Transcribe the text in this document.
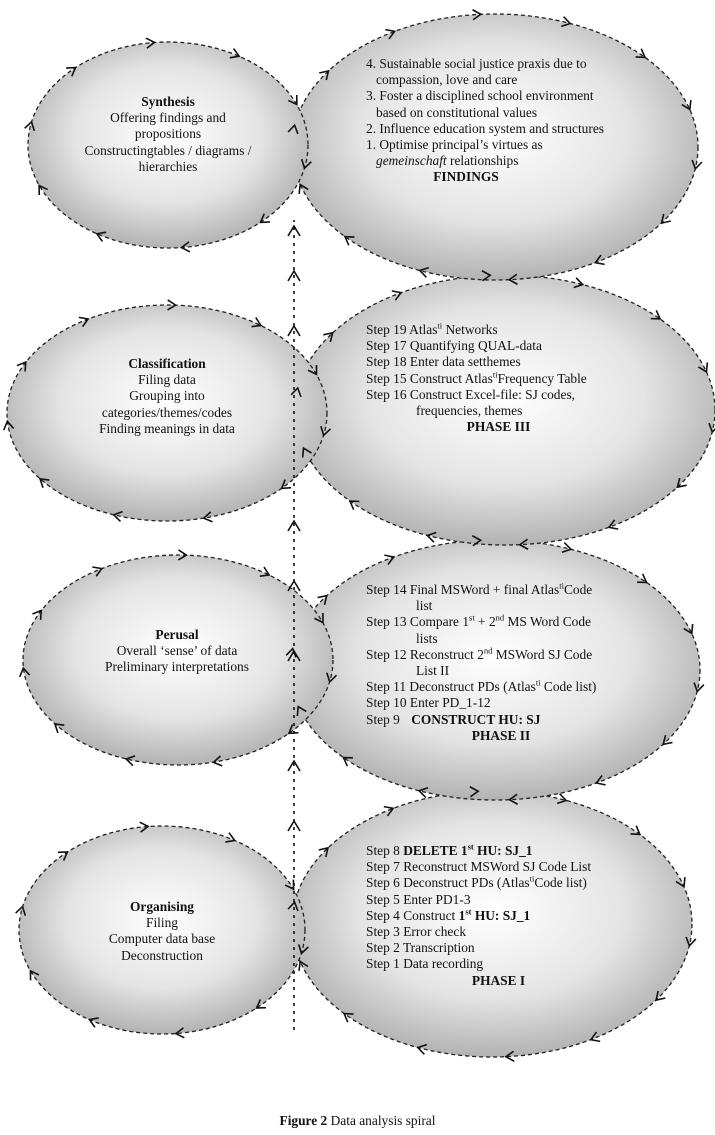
Synthesis
Offering findings and
propositions
Constructingtables / diagrams /
hierarchies
Classification
Filing data
Grouping into
categories/themes/codes
Finding meanings in data
Perusal
Overall ‘sense’ of data
Preliminary interpretations
Organising
Filing
Computer data base
Deconstruction
4. Sustainable social justice praxis due to
compassion, love and care
3. Foster a disciplined school environment
based on constitutional values
2. Influence education system and structures
1. Optimise principal’s virtues as
gemeinschaft relationships
FINDINGS
Step 19 Atlas$^{ti}$ Networks
Step 17 Quantifying QUAL-data
Step 18 Enter data setthemes
Step 15 Construct Atlas$^{ti}$Frequency Table
Step 16 Construct Excel-file: SJ codes,
frequencies, themes
PHASE III
Step 14 Final MSWord + final Atlas$^{ti}$Code
list
Step 13 Compare 1st + 2nd MS Word Code
lists
Step 12 Reconstruct 2nd MSWord SJ Code
List II
Step 11 Deconstruct PDs (Atlas$^{ti}$ Code list)
Step 10 Enter PD_1-12
Step 9 CONSTRUCT HU: SJ
PHASE II
Step 8 DELETE 1st HU: SJ_1
Step 7 Reconstruct MSWord SJ Code List
Step 6 Deconstruct PDs (Atlas$^{ti}$Code list)
Step 5 Enter PD1-3
Step 4 Construct 1st HU: SJ_1
Step 3 Error check
Step 2 Transcription
Step 1 Data recording
PHASE I
Figure 2 Data analysis spiral
